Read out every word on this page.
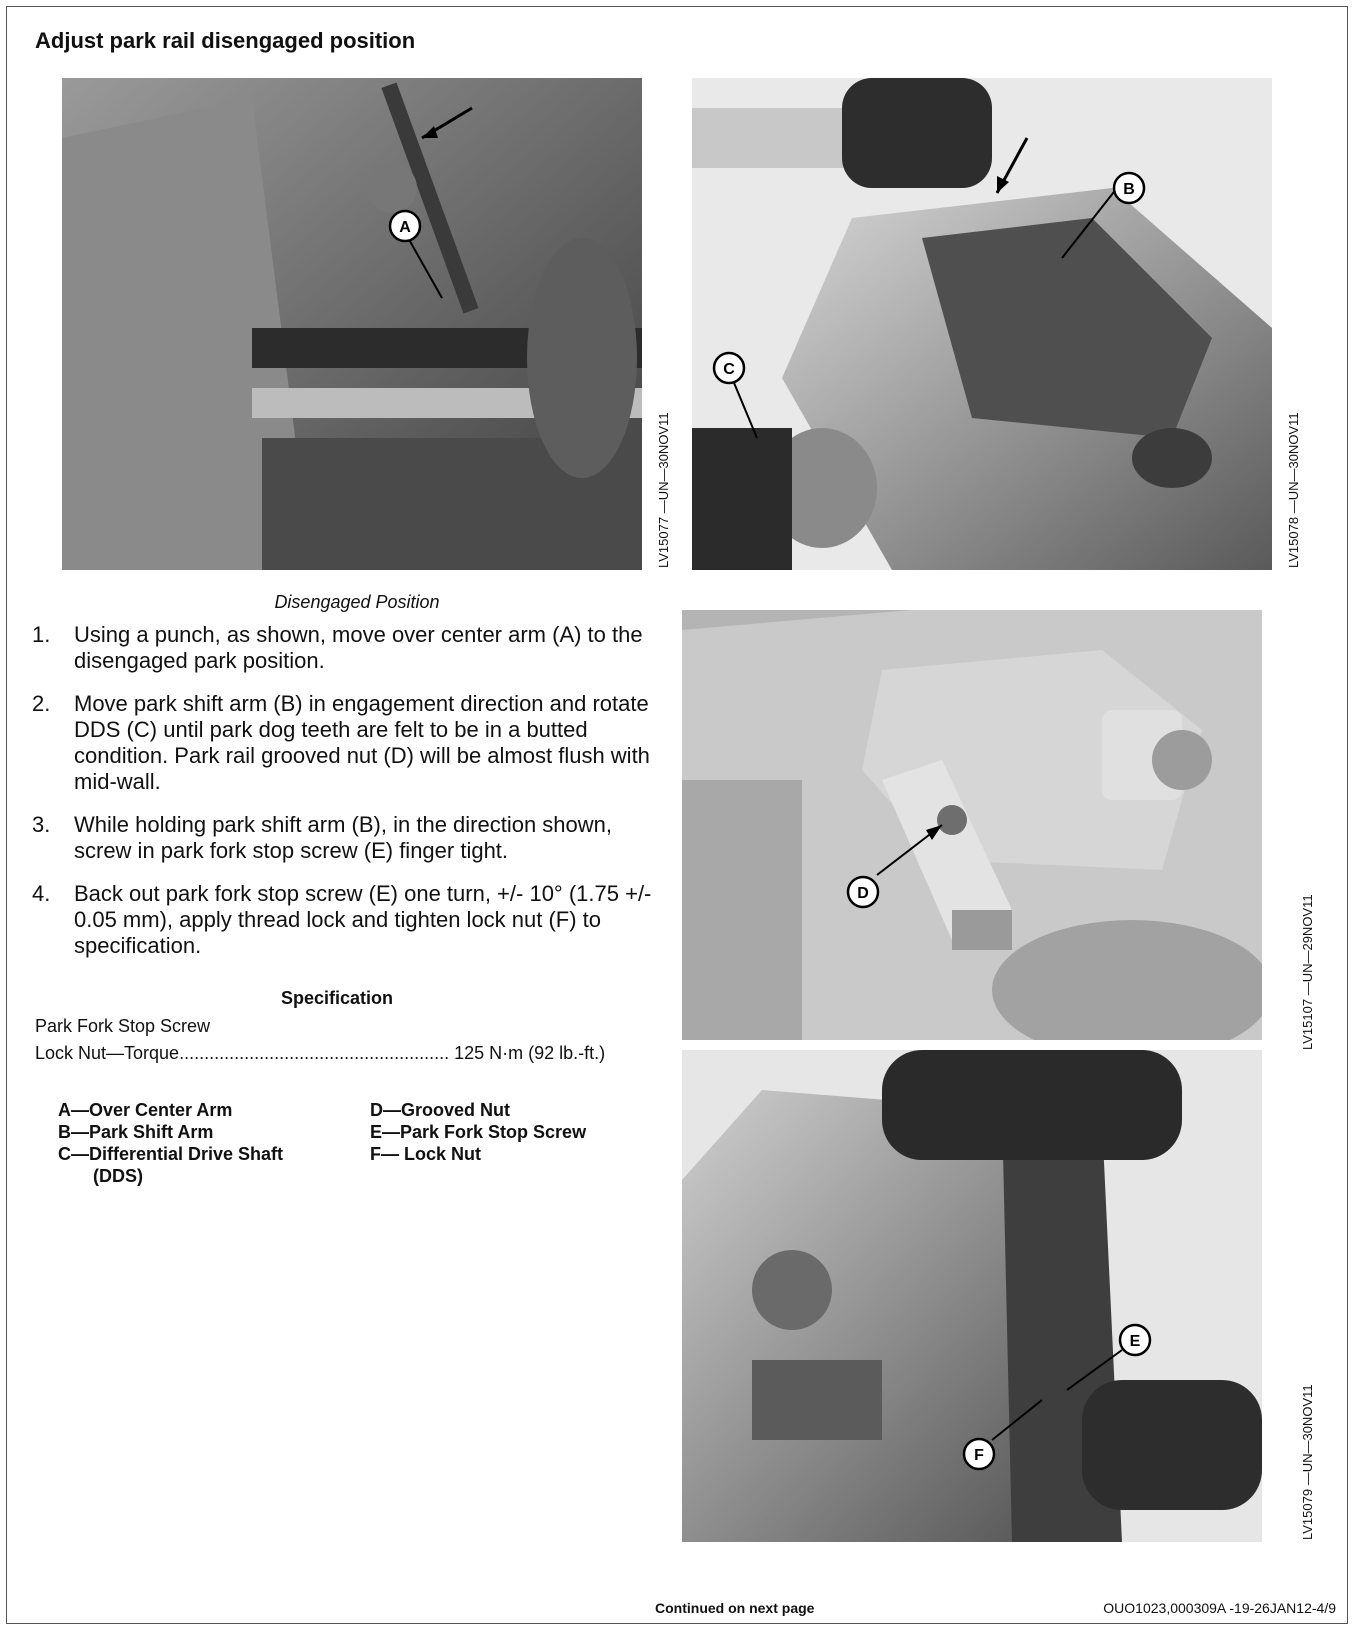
Adjust park rail disengaged position
A
LV15077 —UN—30NOV11
B
C
LV15078 —UN—30NOV11
D
LV15107 —UN—29NOV11
E
F	LV15079 —UN—30NOV11
Disengaged Position
1.	Using a punch, as shown, move over center arm (A) to the disengaged park position.
2.	Move park shift arm (B) in engagement direction and rotate DDS (C) until park dog teeth are felt to be in a butted condition. Park rail grooved nut (D) will be almost flush with mid-wall.
3.	While holding park shift arm (B), in the direction shown, screw in park fork stop screw (E) finger tight.
4.	Back out park fork stop screw (E) one turn, +/- 10° (1.75 +/- 0.05 mm), apply thread lock and tighten lock nut (F) to specification.
Specification
Park Fork Stop Screw
Lock Nut—Torque...................................................... 125 N·m (92 lb.-ft.)
A—Over Center Arm
B—Park Shift Arm
C—Differential Drive Shaft
(DDS)
D—Grooved Nut
E—Park Fork Stop Screw
F— Lock Nut
Continued on next page	OUO1023,000309A -19-26JAN12-4/9
